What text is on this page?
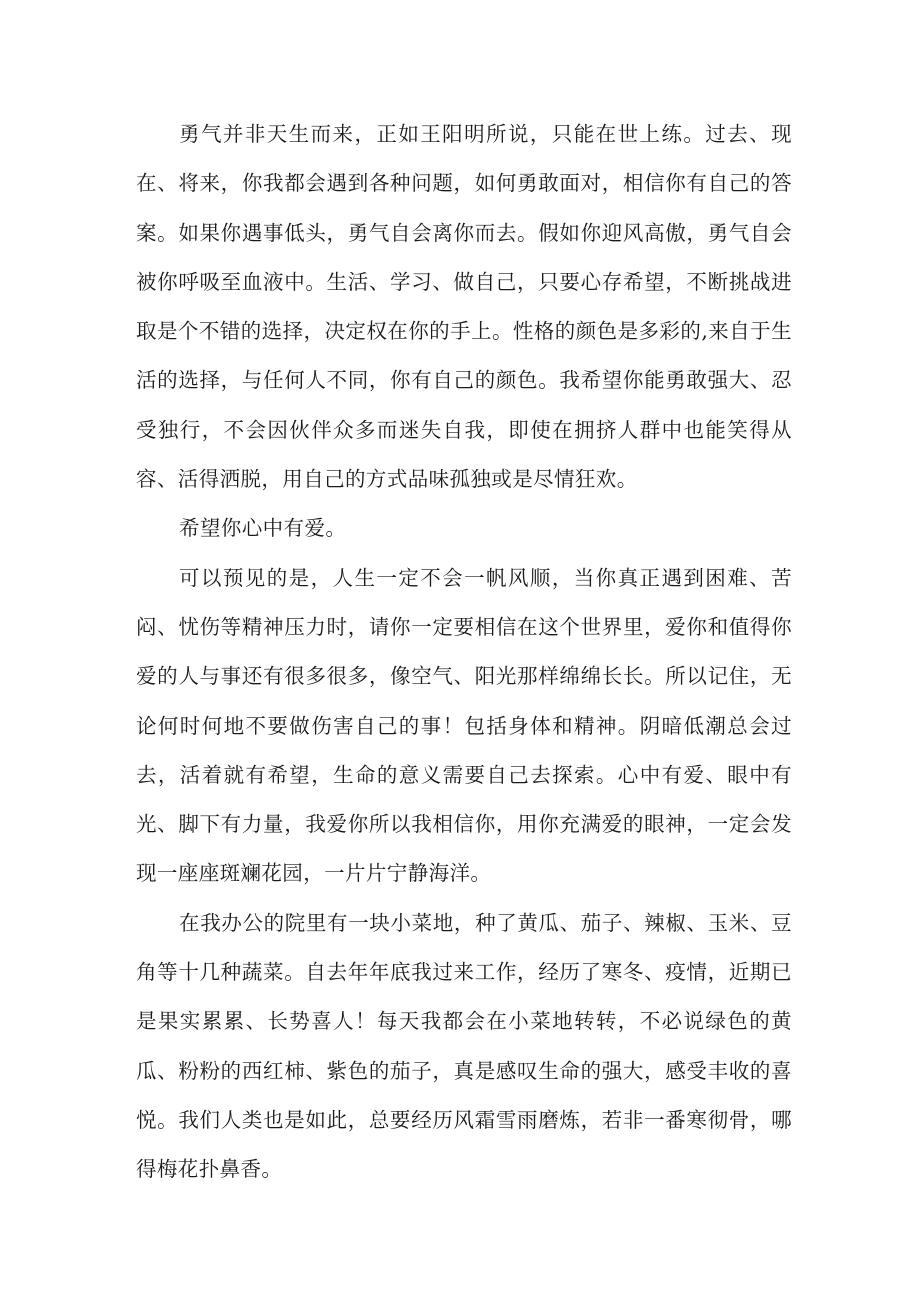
勇气并非天生而来，正如王阳明所说，只能在世上练。过去、现在、将来，你我都会遇到各种问题，如何勇敢面对，相信你有自己的答案。如果你遇事低头，勇气自会离你而去。假如你迎风高傲，勇气自会被你呼吸至血液中。生活、学习、做自己，只要心存希望，不断挑战进取是个不错的选择，决定权在你的手上。性格的颜色是多彩的,来自于生活的选择，与任何人不同，你有自己的颜色。我希望你能勇敢强大、忍受独行，不会因伙伴众多而迷失自我，即使在拥挤人群中也能笑得从容、活得洒脱，用自己的方式品味孤独或是尽情狂欢。

希望你心中有爱。

可以预见的是，人生一定不会一帆风顺，当你真正遇到困难、苦闷、忧伤等精神压力时，请你一定要相信在这个世界里，爱你和值得你爱的人与事还有很多很多，像空气、阳光那样绵绵长长。所以记住，无论何时何地不要做伤害自己的事！包括身体和精神。阴暗低潮总会过去，活着就有希望，生命的意义需要自己去探索。心中有爱、眼中有光、脚下有力量，我爱你所以我相信你，用你充满爱的眼神，一定会发现一座座斑斓花园，一片片宁静海洋。

在我办公的院里有一块小菜地，种了黄瓜、茄子、辣椒、玉米、豆角等十几种蔬菜。自去年年底我过来工作，经历了寒冬、疫情，近期已是果实累累、长势喜人！每天我都会在小菜地转转，不必说绿色的黄瓜、粉粉的西红柿、紫色的茄子，真是感叹生命的强大，感受丰收的喜悦。我们人类也是如此，总要经历风霜雪雨磨炼，若非一番寒彻骨，哪得梅花扑鼻香。
